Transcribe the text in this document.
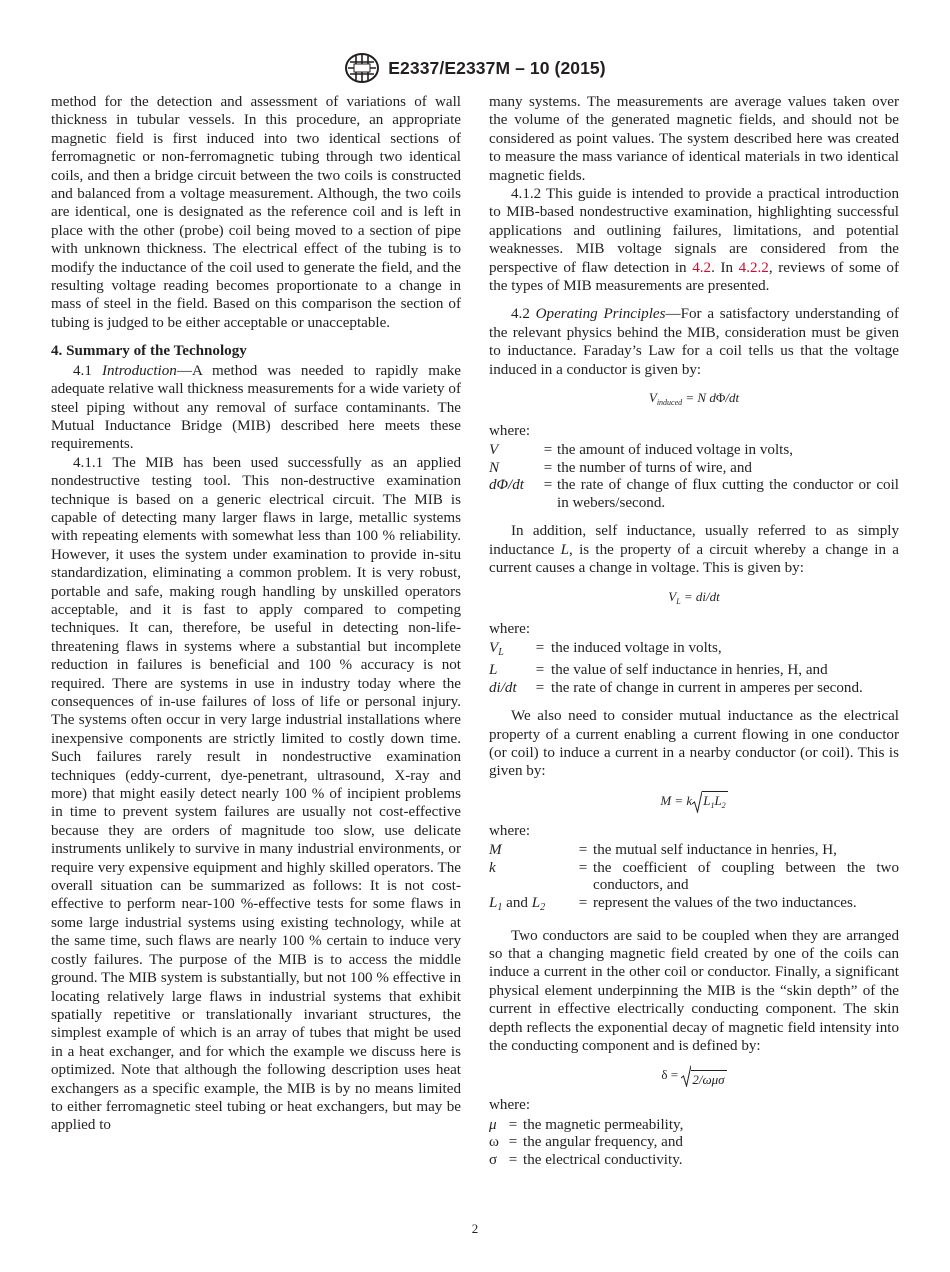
E2337/E2337M – 10 (2015)

method for the detection and assessment of variations of wall thickness in tubular vessels. In this procedure, an appropriate magnetic field is first induced into two identical sections of ferromagnetic or non-ferromagnetic tubing through two identical coils, and then a bridge circuit between the two coils is constructed and balanced from a voltage measurement. Although, the two coils are identical, one is designated as the reference coil and is left in place with the other (probe) coil being moved to a section of pipe with unknown thickness. The electrical effect of the tubing is to modify the inductance of the coil used to generate the field, and the resulting voltage reading becomes proportionate to a change in mass of steel in the field. Based on this comparison the section of tubing is judged to be either acceptable or unacceptable.

4. Summary of the Technology

4.1 Introduction—A method was needed to rapidly make adequate relative wall thickness measurements for a wide variety of steel piping without any removal of surface contaminants. The Mutual Inductance Bridge (MIB) described here meets these requirements.

4.1.1 The MIB has been used successfully as an applied nondestructive testing tool. This non-destructive examination technique is based on a generic electrical circuit. The MIB is capable of detecting many larger flaws in large, metallic systems with repeating elements with somewhat less than 100 % reliability. However, it uses the system under examination to provide in-situ standardization, eliminating a common problem. It is very robust, portable and safe, making rough handling by unskilled operators acceptable, and it is fast to apply compared to competing techniques. It can, therefore, be useful in detecting non-life-threatening flaws in systems where a substantial but incomplete reduction in failures is beneficial and 100 % accuracy is not required. There are systems in use in industry today where the consequences of in-use failures of loss of life or personal injury. The systems often occur in very large industrial installations where inexpensive components are strictly limited to costly down time. Such failures rarely result in nondestructive examination techniques (eddy-current, dye-penetrant, ultrasound, X-ray and more) that might easily detect nearly 100 % of incipient problems in time to prevent system failures are usually not cost-effective because they are orders of magnitude too slow, use delicate instruments unlikely to survive in many industrial environments, or require very expensive equipment and highly skilled operators. The overall situation can be summarized as follows: It is not cost-effective to perform near-100 %-effective tests for some flaws in some large industrial systems using existing technology, while at the same time, such flaws are nearly 100 % certain to induce very costly failures. The purpose of the MIB is to access the middle ground. The MIB system is substantially, but not 100 % effective in locating relatively large flaws in industrial systems that exhibit spatially repetitive or translationally invariant structures, the simplest example of which is an array of tubes that might be used in a heat exchanger, and for which the example we discuss here is optimized. Note that although the following description uses heat exchangers as a specific example, the MIB is by no means limited to either ferromagnetic steel tubing or heat exchangers, but may be applied to

many systems. The measurements are average values taken over the volume of the generated magnetic fields, and should not be considered as point values. The system described here was created to measure the mass variance of identical materials in two identical magnetic fields.

4.1.2 This guide is intended to provide a practical introduction to MIB-based nondestructive examination, highlighting successful applications and outlining failures, limitations, and potential weaknesses. MIB voltage signals are considered from the perspective of flaw detection in 4.2. In 4.2.2, reviews of some of the types of MIB measurements are presented.

4.2 Operating Principles—For a satisfactory understanding of the relevant physics behind the MIB, consideration must be given to inductance. Faraday’s Law for a coil tells us that the voltage induced in a conductor is given by:

$V_{induced} = N$ dΦ/dt

where:

V	=	the amount of induced voltage in volts,
N	=	the number of turns of wire, and
dΦ/dt	=	the rate of change of flux cutting the conductor or coil in webers/second.

In addition, self inductance, usually referred to as simply inductance L, is the property of a circuit whereby a change in a current causes a change in voltage. This is given by:

$V_L = di/dt$

where:

$V_L$	=	the induced voltage in volts,
L	=	the value of self inductance in henries, H, and
di/dt	=	the rate of change in current in amperes per second.

We also need to consider mutual inductance as the electrical property of a current enabling a current flowing in one conductor (or coil) to induce a current in a nearby conductor (or coil). This is given by:

M = k $L_1L_2$

where:

M	=	the mutual self inductance in henries, H,
k	=	the coefficient of coupling between the two conductors, and
$L_1$ and $L_2$	=	represent the values of the two inductances.

Two conductors are said to be coupled when they are arranged so that a changing magnetic field created by one of the coils can induce a current in the other coil or conductor. Finally, a significant physical element underpinning the MIB is the “skin depth” of the current in effective electrically conducting component. The skin depth reflects the exponential decay of magnetic field intensity into the conducting component and is defined by:

δ = 2/ωμσ

where:

μ	=	the magnetic permeability,
ω	=	the angular frequency, and
σ	=	the electrical conductivity.
2
